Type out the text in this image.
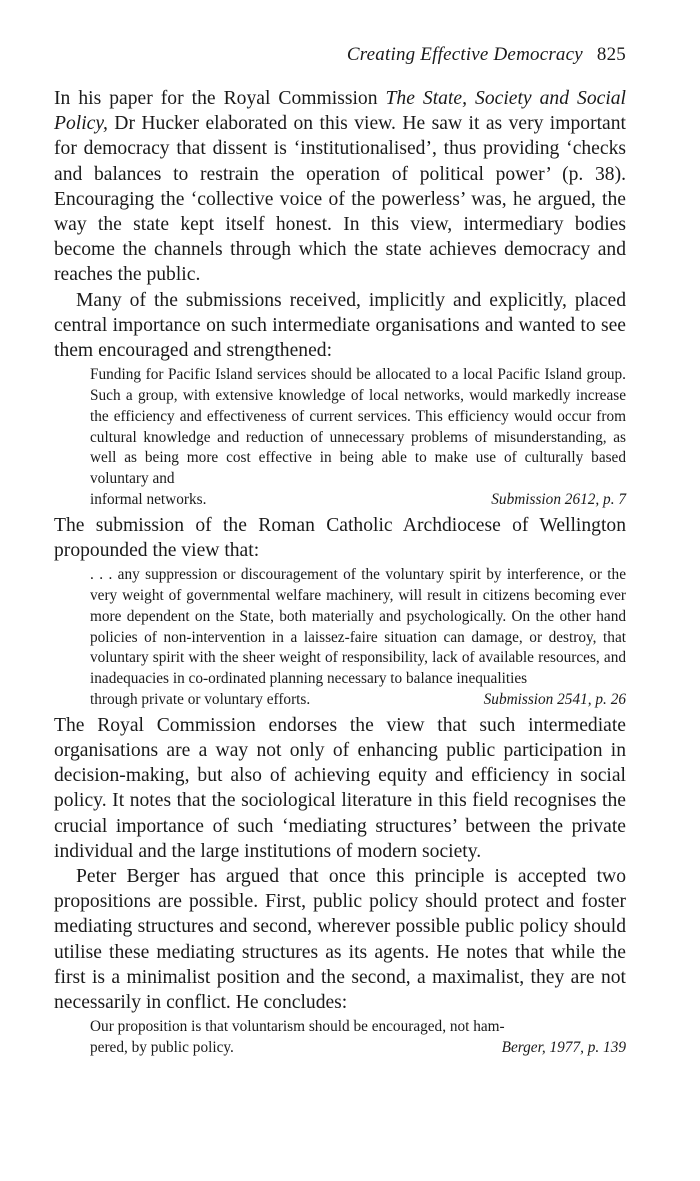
Creating Effective Democracy 825

In his paper for the Royal Commission The State, Society and Social Policy, Dr Hucker elaborated on this view. He saw it as very important for democracy that dissent is ‘institutionalised’, thus providing ‘checks and balances to restrain the operation of political power’ (p. 38). Encouraging the ‘collective voice of the powerless’ was, he argued, the way the state kept itself honest. In this view, intermediary bodies become the channels through which the state achieves democracy and reaches the public.

Many of the submissions received, implicitly and explicitly, placed central importance on such intermediate organisations and wanted to see them encouraged and strengthened:

Funding for Pacific Island services should be allocated to a local Pacific Island group. Such a group, with extensive knowledge of local networks, would markedly increase the efficiency and effectiveness of current services. This efficiency would occur from cultural knowledge and reduction of unnecessary problems of misunderstanding, as well as being more cost effective in being able to make use of culturally based voluntary and
informal networks.	Submission 2612, p. 7

The submission of the Roman Catholic Archdiocese of Wellington propounded the view that:

. . . any suppression or discouragement of the voluntary spirit by interference, or the very weight of governmental welfare machinery, will result in citizens becoming ever more dependent on the State, both materially and psychologically. On the other hand policies of non-intervention in a laissez-faire situation can damage, or destroy, that voluntary spirit with the sheer weight of responsibility, lack of available resources, and inadequacies in co-ordinated planning necessary to balance inequalities
through private or voluntary efforts.	Submission 2541, p. 26

The Royal Commission endorses the view that such intermediate organisations are a way not only of enhancing public participation in decision-making, but also of achieving equity and efficiency in social policy. It notes that the sociological literature in this field recognises the crucial importance of such ‘mediating structures’ between the private individual and the large institutions of modern society.

Peter Berger has argued that once this principle is accepted two propositions are possible. First, public policy should protect and foster mediating structures and second, wherever possible public policy should utilise these mediating structures as its agents. He notes that while the first is a minimalist position and the second, a maximalist, they are not necessarily in conflict. He concludes:

Our proposition is that voluntarism should be encouraged, not ham-
pered, by public policy.	Berger, 1977, p. 139
